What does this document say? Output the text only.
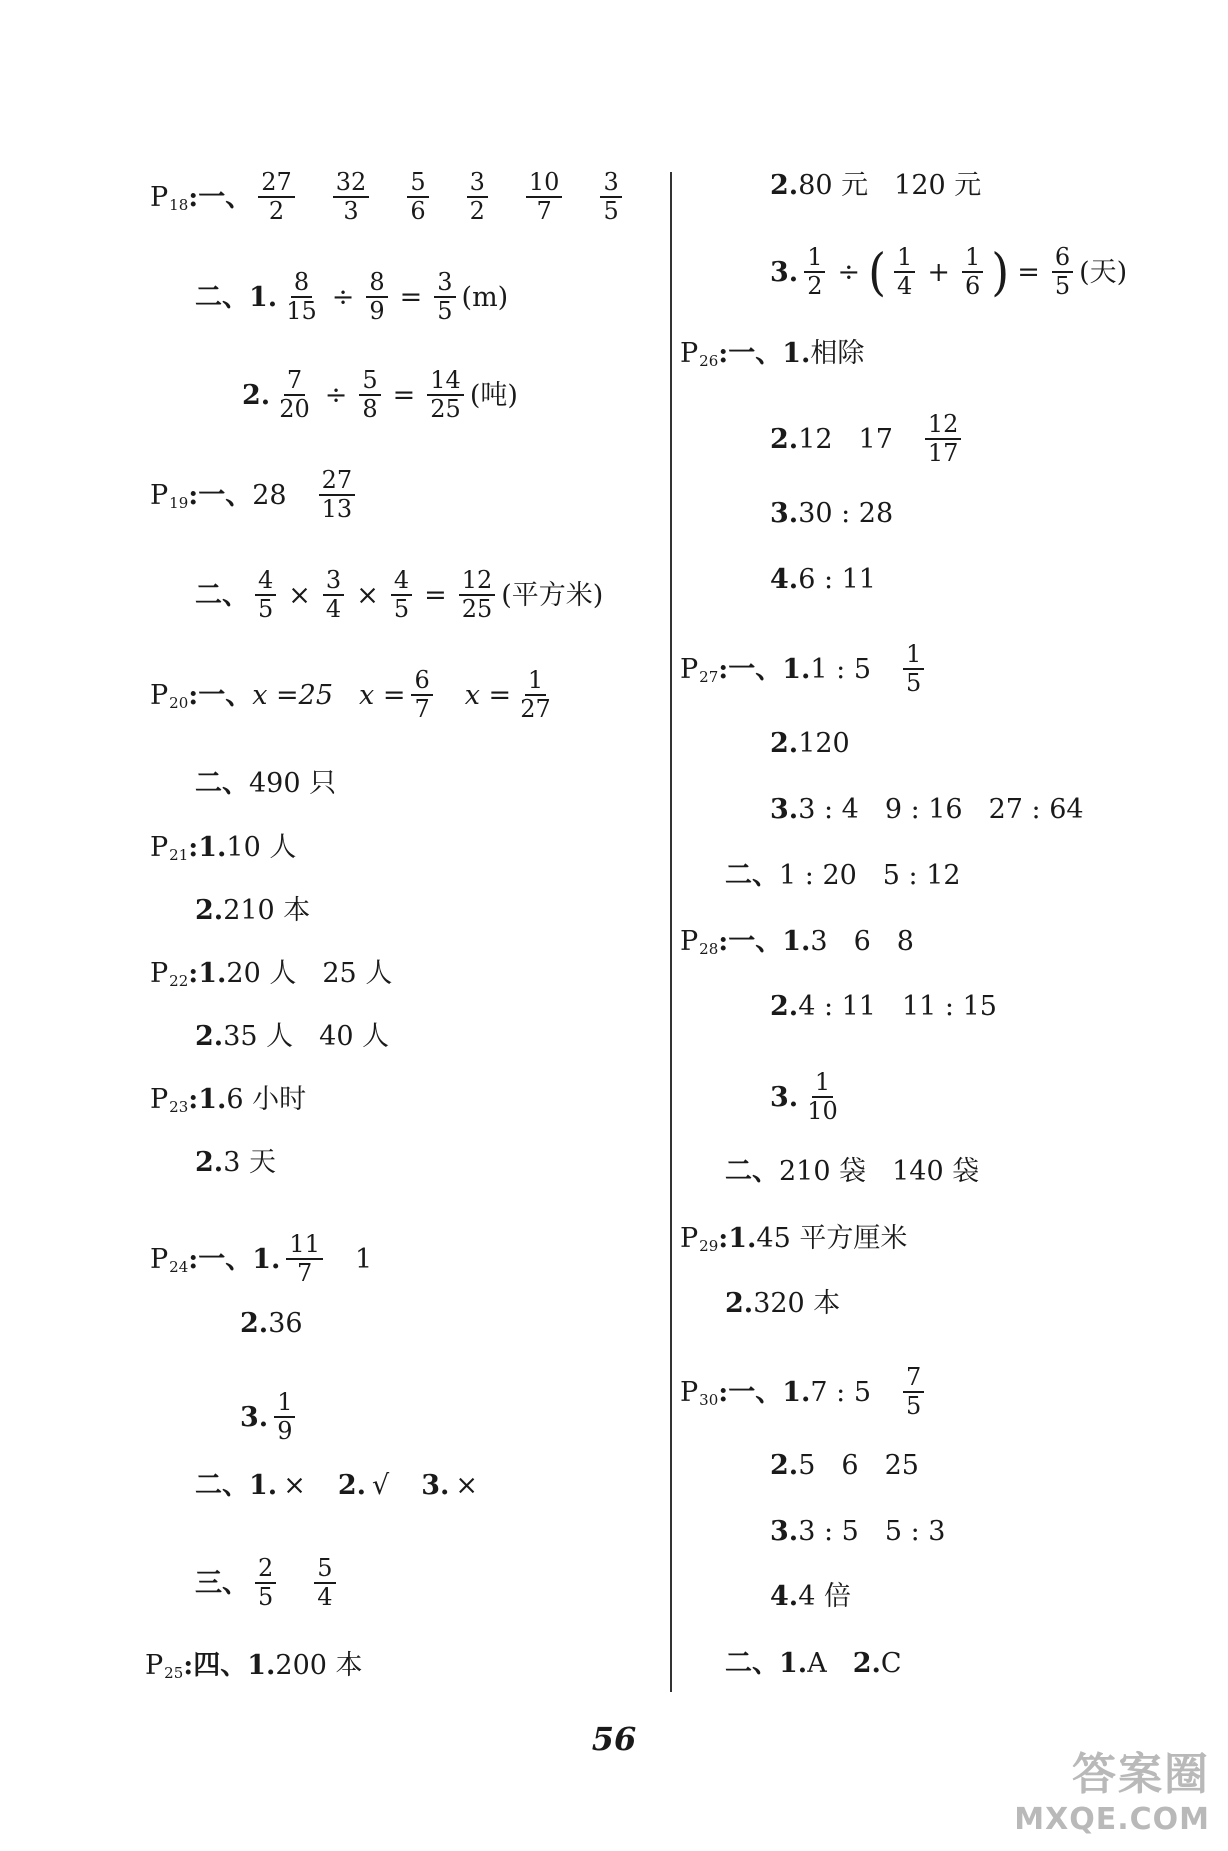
$P_{18}$ : 一、 $\frac{27}{2} \frac{32}{3} \frac{5}{6} \frac{3}{2} \frac{10}{7} \frac{3}{5}$
二、 1. $\frac{8}{15} \div \frac{8}{9} = \frac{3}{5} (m)$
2. $\frac{7}{20} \div \frac{5}{8} = \frac{14}{25}$ (吨)
$P_{19}$ : 一、 $28 \frac{27}{13}$
二、 $\frac{4}{5} \times \frac{3}{4} \times \frac{4}{5} = \frac{12}{25}$ (平方米)
$P_{20}$ : 一、 x =25 $x = \frac{6}{7}$ $x = \frac{1}{27}$
二、 490 只
$P_{21}$ : 1. 10 人
2. 210 本
$P_{22}$ : 1. 20 人 25 人
2. 35 人 40 人
$P_{23}$ : 1. 6 小时
2. 3 天
$P_{24}$ : 一、 1. $\frac{11}{7} 1$
2. 36
3. $\frac{1}{9}$
二、 1. × 2. √ 3. ×
三、 $\frac{2}{5} \frac{5}{4}$
$P_{25}$ : 四、 1. 200 本
2. 80 元 120 元
3. $\frac{1}{2}$ ÷ ( $\frac{1}{4} + \frac{1}{6}$ ) = $\frac{6}{5}$ (天)
$P_{26}$ : 一、 1. 相除
2. 12 $17 \frac{12}{17}$
3. 30 : 28
4. 6 : 11
$P_{27}$ : 一、 1. 1 : $5 \frac{1}{5}$
2. 120
3. 3 : 4 9 : 16 27 : 64
二、 1 : 20 5 : 12
$P_{28}$ : 一、 1. 3 6 8
2. 4 : 11 11 : 15
3. $\frac{1}{10}$
二、 210 袋 140 袋
$P_{29}$ : 1. 45 平方厘米
2. 320 本
$P_{30}$ : 一、 1. 7 : $5 \frac{7}{5}$
2. 5 6 25
3. 3 : 5 5 : 3
4. 4 倍
二、 1. A 2. C
56
答案圈
MXQE.COM
